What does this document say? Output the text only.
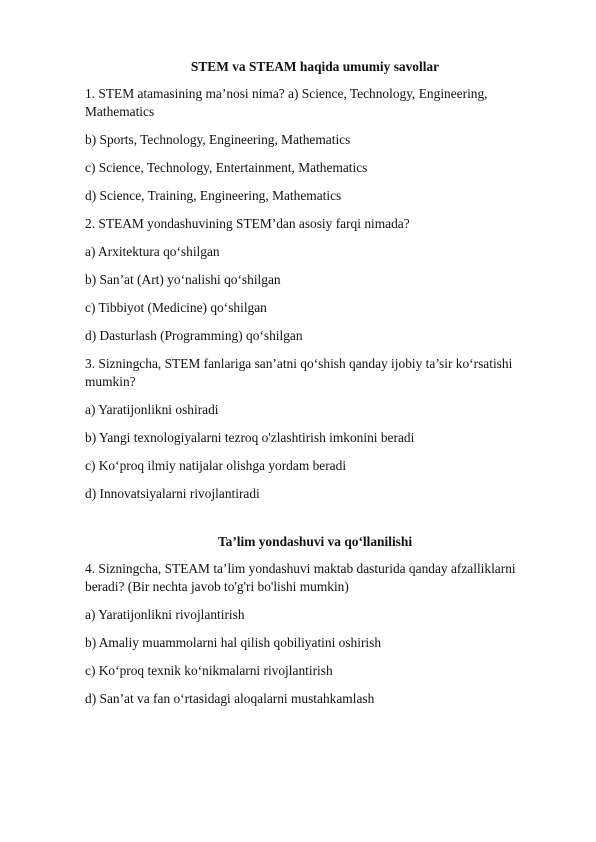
STEM va STEAM haqida umumiy savollar
1. STEM atamasining ma’nosi nima? a) Science, Technology, Engineering, Mathematics
b) Sports, Technology, Engineering, Mathematics
c) Science, Technology, Entertainment, Mathematics
d) Science, Training, Engineering, Mathematics
2. STEAM yondashuvining STEM’dan asosiy farqi nimada?
a) Arxitektura qo‘shilgan
b) San’at (Art) yo‘nalishi qo‘shilgan
c) Tibbiyot (Medicine) qo‘shilgan
d) Dasturlash (Programming) qo‘shilgan
3. Sizningcha, STEM fanlariga san’atni qo‘shish qanday ijobiy ta’sir ko‘rsatishi mumkin?
a) Yaratijonlikni oshiradi
b) Yangi texnologiyalarni tezroq o'zlashtirish imkonini beradi
c) Ko‘proq ilmiy natijalar olishga yordam beradi
d) Innovatsiyalarni rivojlantiradi
Ta’lim yondashuvi va qo‘llanilishi
4. Sizningcha, STEAM ta’lim yondashuvi maktab dasturida qanday afzalliklarni beradi? (Bir nechta javob to'g'ri bo'lishi mumkin)
a) Yaratijonlikni rivojlantirish
b) Amaliy muammolarni hal qilish qobiliyatini oshirish
c) Ko‘proq texnik ko‘nikmalarni rivojlantirish
d) San’at va fan o‘rtasidagi aloqalarni mustahkamlash
